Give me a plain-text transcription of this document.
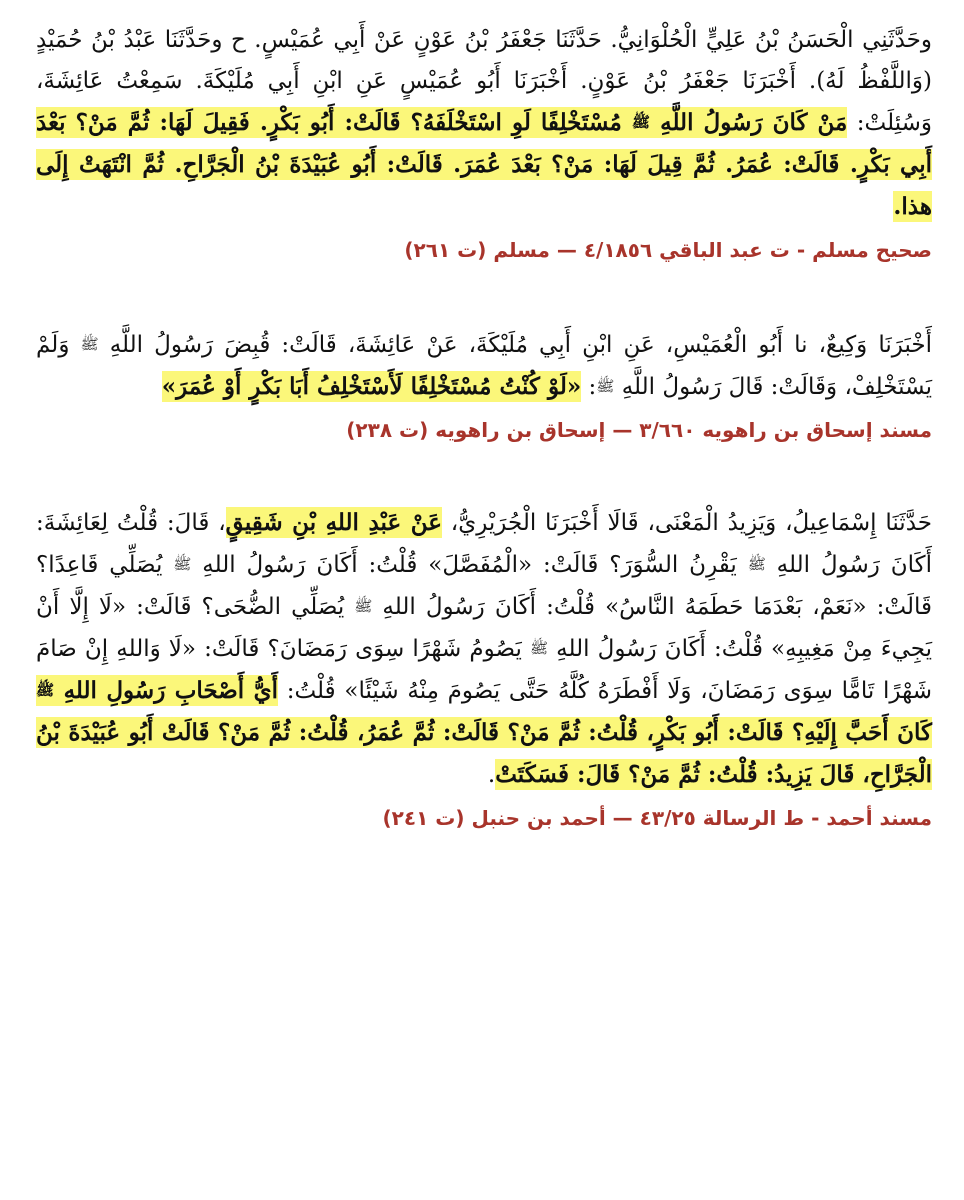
وحَدَّثَنِي الْحَسَنُ بْنُ عَلِيٍّ الْحُلْوَانِيُّ. حَدَّثَنَا جَعْفَرُ بْنُ عَوْنٍ عَنْ أَبِي عُمَيْسٍ. ح وحَدَّثَنَا عَبْدُ بْنُ حُمَيْدٍ (وَاللَّفْظُ لَهُ). أَخْبَرَنَا جَعْفَرُ بْنُ عَوْنٍ. أَخْبَرَنَا أَبُو عُمَيْسٍ عَنِ ابْنِ أَبِي مُلَيْكَةَ. سَمِعْتُ عَائِشَةَ، وَسُئِلَتْ: مَنْ كَانَ رَسُولُ اللَّهِ ﷺ مُسْتَخْلِفًا لَوِ اسْتَخْلَفَهُ؟ قَالَتْ: أَبُو بَكْرٍ. فَقِيلَ لَهَا: ثُمَّ مَنْ؟ بَعْدَ أَبِي بَكْرٍ. قَالَتْ: عُمَرُ. ثُمَّ قِيلَ لَهَا: مَنْ؟ بَعْدَ عُمَرَ. قَالَتْ: أَبُو عُبَيْدَةَ بْنُ الْجَرَّاحِ. ثُمَّ انْتَهَتْ إِلَى هذا.

صحيح مسلم - ت عبد الباقي ٤/١٨٥٦ — مسلم (ت ٢٦١)

أَخْبَرَنَا وَكِيعٌ، نا أَبُو الْعُمَيْسِ، عَنِ ابْنِ أَبِي مُلَيْكَةَ، عَنْ عَائِشَةَ، قَالَتْ: قُبِضَ رَسُولُ اللَّهِ ﷺ وَلَمْ يَسْتَخْلِفْ، وَقَالَتْ: قَالَ رَسُولُ اللَّهِ ﷺ: «لَوْ كُنْتُ مُسْتَخْلِفًا لَأَسْتَخْلِفُ أَبَا بَكْرٍ أَوْ عُمَرَ»

مسند إسحاق بن راهويه ٣/٦٦٠ — إسحاق بن راهويه (ت ٢٣٨)

حَدَّثَنَا إِسْمَاعِيلُ، وَيَزِيدُ الْمَعْنَى، قَالَا أَخْبَرَنَا الْجُرَيْرِيُّ، عَنْ عَبْدِ اللهِ بْنِ شَقِيقٍ، قَالَ: قُلْتُ لِعَائِشَةَ: أَكَانَ رَسُولُ اللهِ ﷺ يَقْرِنُ السُّوَرَ؟ قَالَتْ: «الْمُفَصَّلَ» قُلْتُ: أَكَانَ رَسُولُ اللهِ ﷺ يُصَلِّي قَاعِدًا؟ قَالَتْ: «نَعَمْ، بَعْدَمَا حَطَمَهُ النَّاسُ» قُلْتُ: أَكَانَ رَسُولُ اللهِ ﷺ يُصَلِّي الضُّحَى؟ قَالَتْ: «لَا إِلَّا أَنْ يَجِيءَ مِنْ مَغِيبِهِ» قُلْتُ: أَكَانَ رَسُولُ اللهِ ﷺ يَصُومُ شَهْرًا سِوَى رَمَضَانَ؟ قَالَتْ: «لَا وَاللهِ إِنْ صَامَ شَهْرًا تَامًّا سِوَى رَمَضَانَ، وَلَا أَفْطَرَهُ كُلَّهُ حَتَّى يَصُومَ مِنْهُ شَيْئًا» قُلْتُ: أَيُّ أَصْحَابِ رَسُولِ اللهِ ﷺ كَانَ أَحَبَّ إِلَيْهِ؟ قَالَتْ: أَبُو بَكْرٍ، قُلْتُ: ثُمَّ مَنْ؟ قَالَتْ: ثُمَّ عُمَرُ، قُلْتُ: ثُمَّ مَنْ؟ قَالَتْ أَبُو عُبَيْدَةَ بْنُ الْجَرَّاحِ، قَالَ يَزِيدُ: قُلْتُ: ثُمَّ مَنْ؟ قَالَ: فَسَكَتَتْ.

مسند أحمد - ط الرسالة ٤٣/٢٥ — أحمد بن حنبل (ت ٢٤١)
